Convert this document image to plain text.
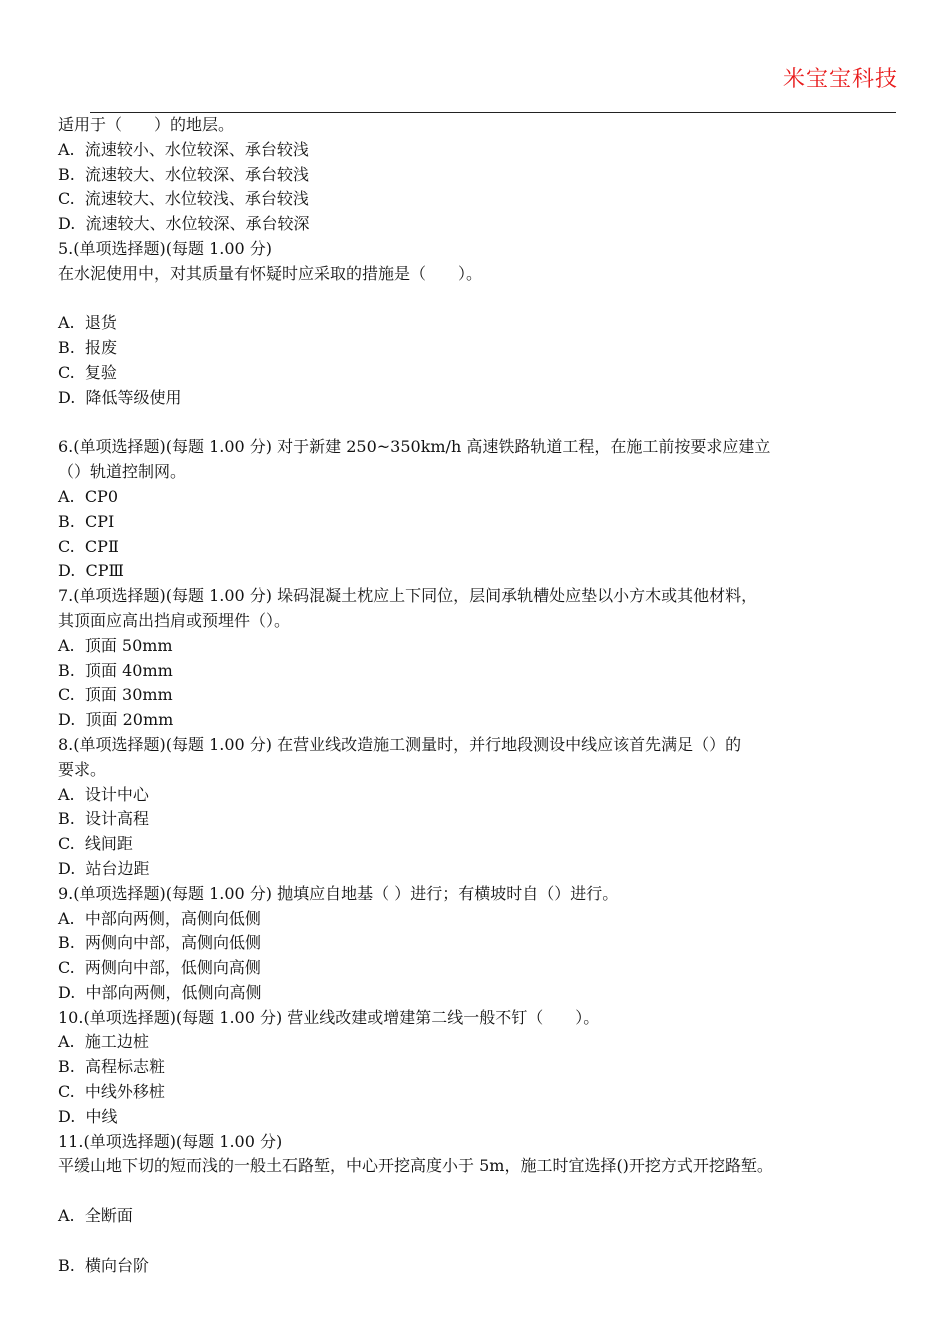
米宝宝科技
适用于（　　）的地层。
A.  流速较小、水位较深、承台较浅
B.  流速较大、水位较深、承台较浅
C.  流速较大、水位较浅、承台较浅
D.  流速较大、水位较深、承台较深
5.(单项选择题)(每题 1.00 分)
在水泥使用中，对其质量有怀疑时应采取的措施是（　　）。
A.  退货
B.  报废
C.  复验
D.  降低等级使用
6.(单项选择题)(每题 1.00 分) 对于新建 250~350km/h 高速铁路轨道工程，在施工前按要求应建立
（）轨道控制网。
A.  CP0
B.  CPⅠ
C.  CPⅡ
D.  CPⅢ
7.(单项选择题)(每题 1.00 分) 垛码混凝土枕应上下同位，层间承轨槽处应垫以小方木或其他材料，
其顶面应高出挡肩或预埋件（）。
A.  顶面 50mm
B.  顶面 40mm
C.  顶面 30mm
D.  顶面 20mm
8.(单项选择题)(每题 1.00 分) 在营业线改造施工测量时，并行地段测设中线应该首先满足（）的
要求。
A.  设计中心
B.  设计高程
C.  线间距
D.  站台边距
9.(单项选择题)(每题 1.00 分) 抛填应自地基（ ）进行；有横坡时自（）进行。
A.  中部向两侧，高侧向低侧
B.  两侧向中部，高侧向低侧
C.  两侧向中部，低侧向高侧
D.  中部向两侧，低侧向高侧
10.(单项选择题)(每题 1.00 分) 营业线改建或增建第二线一般不钉（　　）。
A.  施工边桩
B.  高程标志粧
C.  中线外移桩
D.  中线
11.(单项选择题)(每题 1.00 分)
平缓山地下切的短而浅的一般土石路堑，中心开挖高度小于 5m，施工时宜选择()开挖方式开挖路堑。
A.  全断面
B.  横向台阶
